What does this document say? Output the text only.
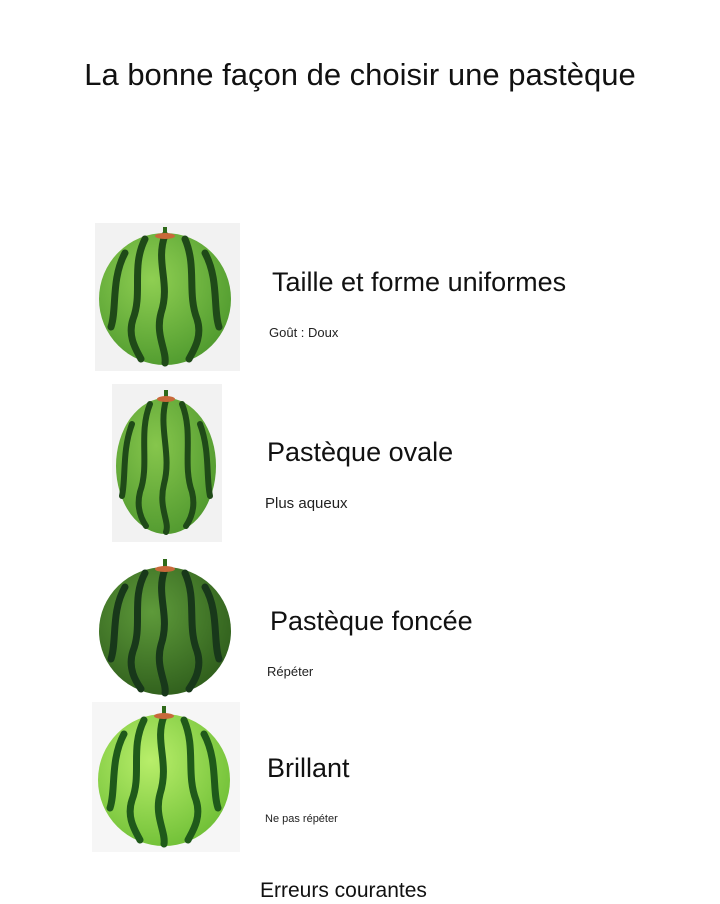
La bonne façon de choisir une pastèque
Taille et forme uniformes
Goût : Doux
Pastèque ovale
Plus aqueux
Pastèque foncée
Répéter
Brillant
Ne pas répéter
Erreurs courantes
